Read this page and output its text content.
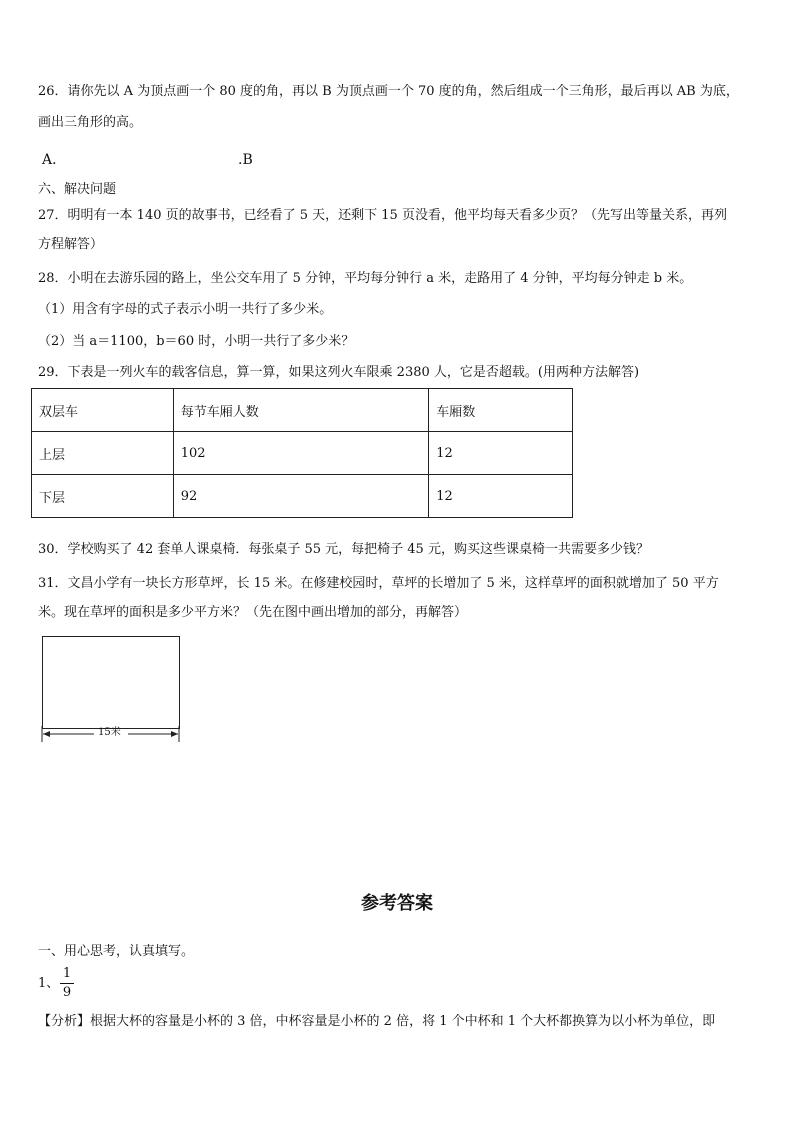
26．请你先以 A 为顶点画一个 80 度的角，再以 B 为顶点画一个 70 度的角，然后组成一个三角形，最后再以 AB 为底，
画出三角形的高。
A．	.B
六、解决问题
27．明明有一本 140 页的故事书，已经看了 5 天，还剩下 15 页没看，他平均每天看多少页？（先写出等量关系，再列
方程解答）
28．小明在去游乐园的路上，坐公交车用了 5 分钟，平均每分钟行 a 米，走路用了 4 分钟，平均每分钟走 b 米。
（1）用含有字母的式子表示小明一共行了多少米。
（2）当 a＝1100，b＝60 时，小明一共行了多少米？
29．下表是一列火车的载客信息，算一算，如果这列火车限乘 2380 人，它是否超载。(用两种方法解答)
双层车	每节车厢人数	车厢数
上层	102	12
下层	92	12
30．学校购买了 42 套单人课桌椅．每张桌子 55 元，每把椅子 45 元，购买这些课桌椅一共需要多少钱？
31．文昌小学有一块长方形草坪，长 15 米。在修建校园时，草坪的长增加了 5 米，这样草坪的面积就增加了 50 平方
米。现在草坪的面积是多少平方米？（先在图中画出增加的部分，再解答）
15米
参考答案
一、用心思考，认真填写。
1、
1
9
【分析】根据大杯的容量是小杯的 3 倍，中杯容量是小杯的 2 倍，将 1 个中杯和 1 个大杯都换算为以小杯为单位，即
